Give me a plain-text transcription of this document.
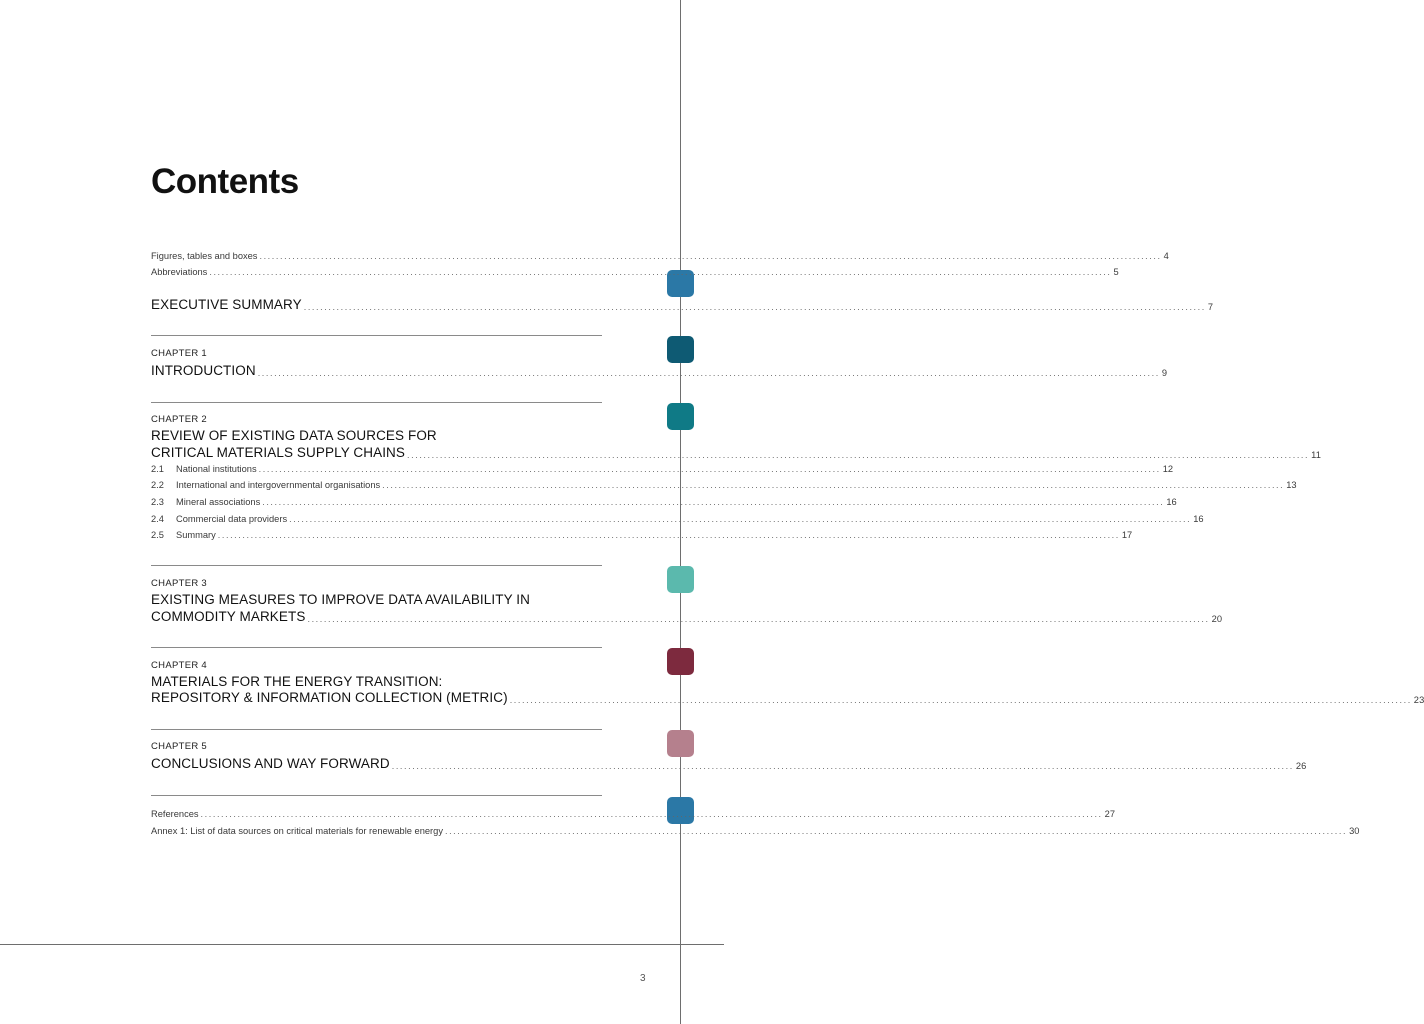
3
Contents
Figures, tables and boxes ............................................................................................................................................................................................................................ 4
Abbreviations ............................................................................................................................................................................................................................ 5
EXECUTIVE SUMMARY ............................................................................................................................................................................................................................ 7
CHAPTER 1
INTRODUCTION ............................................................................................................................................................................................................................ 9
CHAPTER 2
REVIEW OF EXISTING DATA SOURCES FOR
CRITICAL MATERIALS SUPPLY CHAINS ............................................................................................................................................................................................................................ 11
2.1 National institutions ............................................................................................................................................................................................................................ 12
2.2 International and intergovernmental organisations ............................................................................................................................................................................................................................ 13
2.3 Mineral associations ............................................................................................................................................................................................................................ 16
2.4 Commercial data providers ............................................................................................................................................................................................................................ 16
2.5 Summary ............................................................................................................................................................................................................................ 17
CHAPTER 3
EXISTING MEASURES TO IMPROVE DATA AVAILABILITY IN
COMMODITY MARKETS ............................................................................................................................................................................................................................ 20
CHAPTER 4
MATERIALS FOR THE ENERGY TRANSITION:
REPOSITORY & INFORMATION COLLECTION (METRIC) ............................................................................................................................................................................................................................ 23
CHAPTER 5
CONCLUSIONS AND WAY FORWARD ............................................................................................................................................................................................................................ 26
References ............................................................................................................................................................................................................................ 27
Annex 1: List of data sources on critical materials for renewable energy ............................................................................................................................................................................................................................ 30
